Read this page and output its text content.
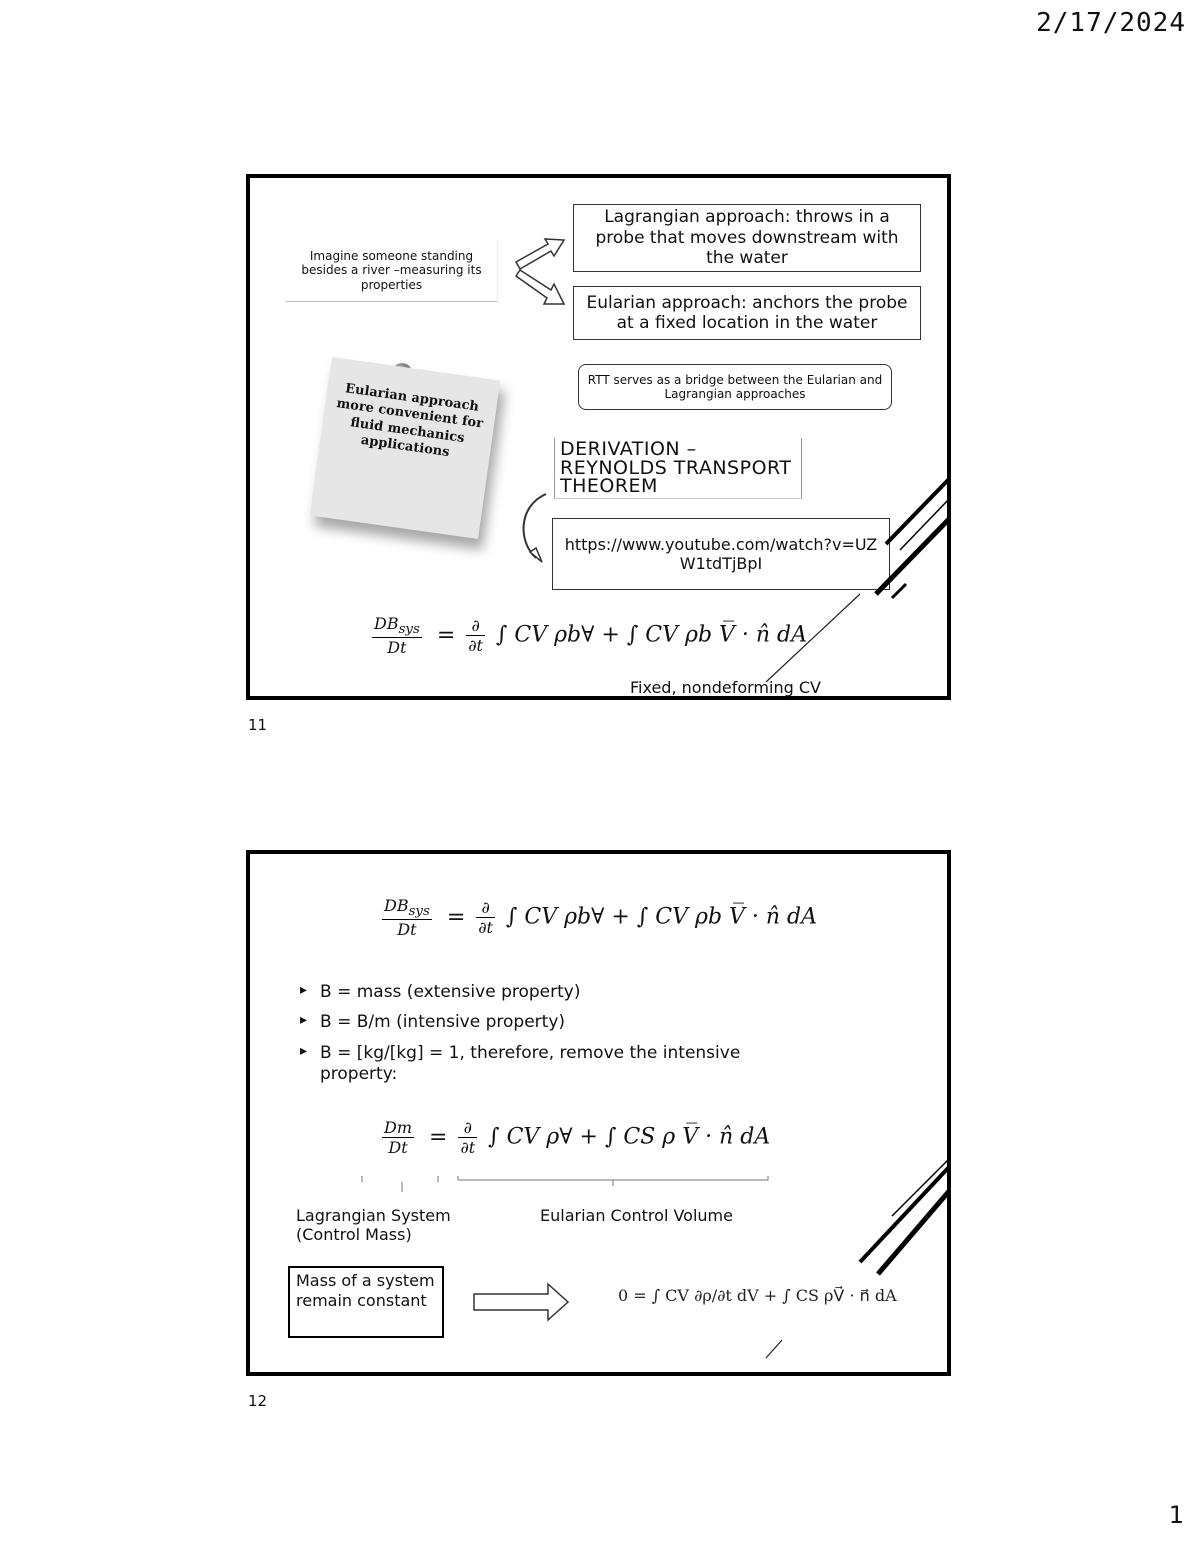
2/17/2024
Imagine someone standing besides a river –measuring its properties
Lagrangian approach: throws in a probe that moves downstream with the water
Eularian approach: anchors the probe at a fixed location in the water
RTT serves as a bridge between the Eularian and Lagrangian approaches
Eularian approach more convenient for fluid mechanics applications	DERIVATION –
REYNOLDS TRANSPORT
THEOREM
https://www.youtube.com/watch?v=UZW1tdTjBpI
$\frac{DB_{sys}}{Dt} = \frac{\partial}{\partial t}$ ∫ CV ρb∀ + ∫ CV ρb V̅ · n̂ dA
Fixed, nondeforming CV
11
$\frac{DB_{sys}}{Dt} = \frac{\partial}{\partial t}$ ∫ CV ρb∀ + ∫ CV ρb V̅ · n̂ dA
▸ B = mass (extensive property)
▸ B = B/m (intensive property)
▸ B = [kg/[kg] = 1, therefore, remove the intensive property:
$\frac{Dm}{Dt} = \frac{\partial}{\partial t}$ ∫ CV ρ∀ + ∫ CS ρ V̅ · n̂ dA
Lagrangian System
(Control Mass)
Eularian Control Volume
Mass of a system remain constant	0 = ∫ CV ∂ρ/∂t dV + ∫ CS ρV⃗ · n⃗ dA
12
1
